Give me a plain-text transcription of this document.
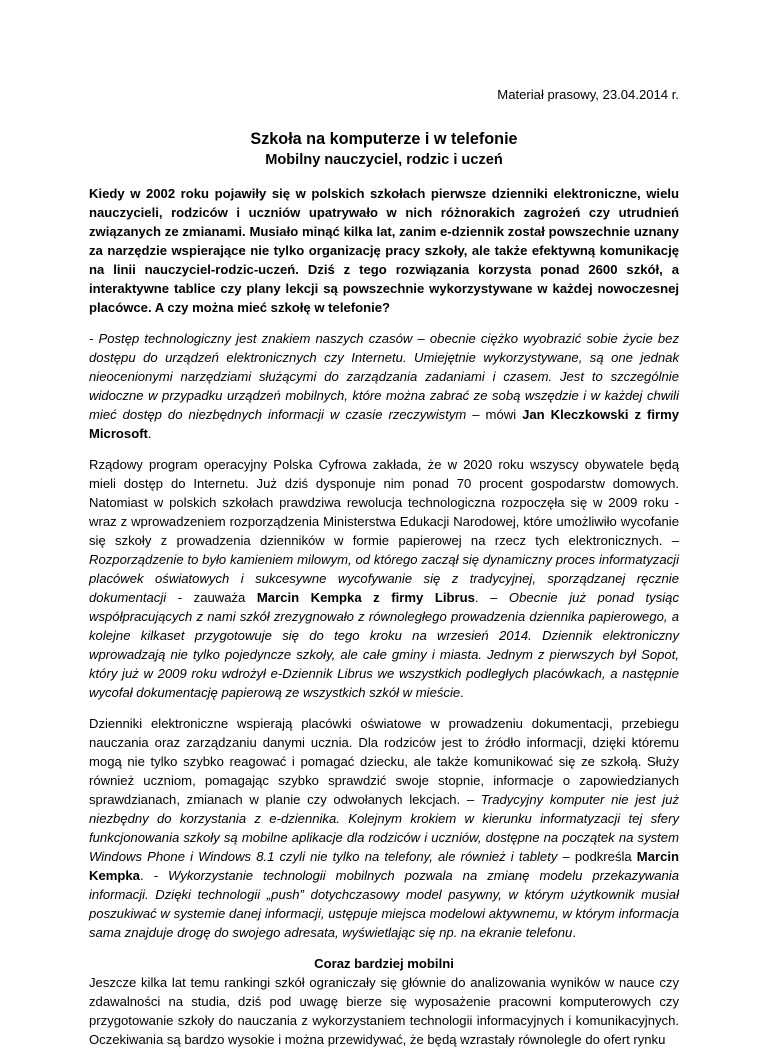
Materiał prasowy, 23.04.2014 r.

Szkoła na komputerze i w telefonie
Mobilny nauczyciel, rodzic i uczeń

Kiedy w 2002 roku pojawiły się w polskich szkołach pierwsze dzienniki elektroniczne, wielu nauczycieli, rodziców i uczniów upatrywało w nich różnorakich zagrożeń czy utrudnień związanych ze zmianami. Musiało minąć kilka lat, zanim e-dziennik został powszechnie uznany za narzędzie wspierające nie tylko organizację pracy szkoły, ale także efektywną komunikację na linii nauczyciel-rodzic-uczeń. Dziś z tego rozwiązania korzysta ponad 2600 szkół, a interaktywne tablice czy plany lekcji są powszechnie wykorzystywane w każdej nowoczesnej placówce. A czy można mieć szkołę w telefonie?

- Postęp technologiczny jest znakiem naszych czasów – obecnie ciężko wyobrazić sobie życie bez dostępu do urządzeń elektronicznych czy Internetu. Umiejętnie wykorzystywane, są one jednak nieocenionymi narzędziami służącymi do zarządzania zadaniami i czasem. Jest to szczególnie widoczne w przypadku urządzeń mobilnych, które można zabrać ze sobą wszędzie i w każdej chwili mieć dostęp do niezbędnych informacji w czasie rzeczywistym – mówi Jan Kleczkowski z firmy Microsoft.

Rządowy program operacyjny Polska Cyfrowa zakłada, że w 2020 roku wszyscy obywatele będą mieli dostęp do Internetu. Już dziś dysponuje nim ponad 70 procent gospodarstw domowych. Natomiast w polskich szkołach prawdziwa rewolucja technologiczna rozpoczęła się w 2009 roku - wraz z wprowadzeniem rozporządzenia Ministerstwa Edukacji Narodowej, które umożliwiło wycofanie się szkoły z prowadzenia dzienników w formie papierowej na rzecz tych elektronicznych. – Rozporządzenie to było kamieniem milowym, od którego zaczął się dynamiczny proces informatyzacji placówek oświatowych i sukcesywne wycofywanie się z tradycyjnej, sporządzanej ręcznie dokumentacji - zauważa Marcin Kempka z firmy Librus. – Obecnie już ponad tysiąc współpracujących z nami szkół zrezygnowało z równoległego prowadzenia dziennika papierowego, a kolejne kilkaset przygotowuje się do tego kroku na wrzesień 2014. Dziennik elektroniczny wprowadzają nie tylko pojedyncze szkoły, ale całe gminy i miasta. Jednym z pierwszych był Sopot, który już w 2009 roku wdrożył e-Dziennik Librus we wszystkich podległych placówkach, a następnie wycofał dokumentację papierową ze wszystkich szkół w mieście.

Dzienniki elektroniczne wspierają placówki oświatowe w prowadzeniu dokumentacji, przebiegu nauczania oraz zarządzaniu danymi ucznia. Dla rodziców jest to źródło informacji, dzięki któremu mogą nie tylko szybko reagować i pomagać dziecku, ale także komunikować się ze szkołą. Służy również uczniom, pomagając szybko sprawdzić swoje stopnie, informacje o zapowiedzianych sprawdzianach, zmianach w planie czy odwołanych lekcjach. – Tradycyjny komputer nie jest już niezbędny do korzystania z e-dziennika. Kolejnym krokiem w kierunku informatyzacji tej sfery funkcjonowania szkoły są mobilne aplikacje dla rodziców i uczniów, dostępne na początek na system Windows Phone i Windows 8.1 czyli nie tylko na telefony, ale również i tablety – podkreśla Marcin Kempka. - Wykorzystanie technologii mobilnych pozwala na zmianę modelu przekazywania informacji. Dzięki technologii „push” dotychczasowy model pasywny, w którym użytkownik musiał poszukiwać w systemie danej informacji, ustępuje miejsca modelowi aktywnemu, w którym informacja sama znajduje drogę do swojego adresata, wyświetlając się np. na ekranie telefonu.

Coraz bardziej mobilni

Jeszcze kilka lat temu rankingi szkół ograniczały się głównie do analizowania wyników w nauce czy zdawalności na studia, dziś pod uwagę bierze się wyposażenie pracowni komputerowych czy przygotowanie szkoły do nauczania z wykorzystaniem technologii informacyjnych i komunikacyjnych. Oczekiwania są bardzo wysokie i można przewidywać, że będą wzrastały równolegle do ofert rynku
